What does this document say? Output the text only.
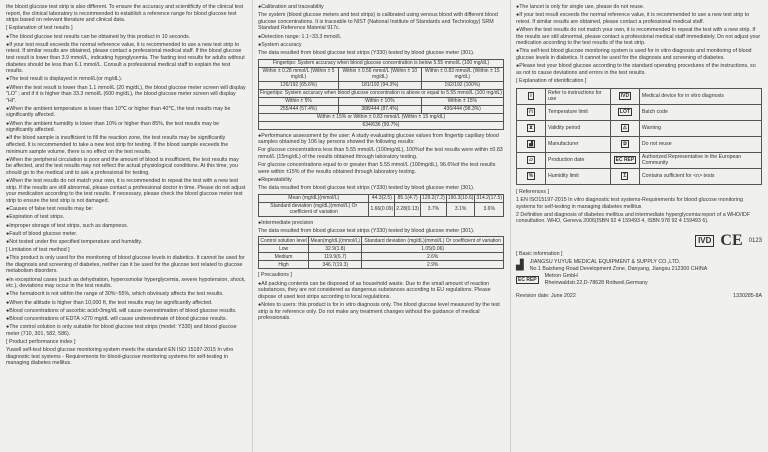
the blood glucose test strip is also different. To ensure the accuracy and scientificity of the clinical test report, the clinical laboratory is recommended to establish a reference range for blood glucose test strips based on relevant literature and clinical data.

[ Explanation of test results ]

●The blood glucose test results can be obtained by this product in 10 seconds.

●If your test result exceeds the normal reference value, it is recommended to use a new test strip to retest. If similar results are obtained, please contact a professional medical staff. If the blood glucose test result is lower than 3.9 mmol/L, indicating hypoglycemia. The fasting test results for adults without diabetes should be less than 6.1 mmol/L. Consult a professional medical staff to explain the test results.

●The test result is displayed in mmol/L(or mg/dL).

●When the test result is lower than 1.1 mmol/L (20 mg/dL), the blood glucose meter screen will display "LO" ; and if it is higher than 33.3 mmol/L (600 mg/dL), the blood glucose meter screen will display "HI".

●When the ambient temperature is lower than 10℃ or higher than 40℃, the test results may be significantly affected.

●When the ambient humidity is lower than 10% or higher than 85%, the test results may be significantly affected.

●If the blood sample is insufficient to fill the reaction zone, the test results may be significantly affected. It is recommended to take a new test strip for testing. If the blood sample exceeds the minimum sample volume, there is no effect on the test results.

●When the peripheral circulation is poor and the amount of blood is insufficient, the test results may be affected, and the test results may not reflect the actual physiological conditions. At this time, you should go to the medical unit to ask a professional for testing.

●When the test results do not match your own, it is recommended to repeat the test with a new test strip. If the results are still abnormal, please contact a professional doctor in time. Please do not adjust your medication according to the test results. If necessary, please check the blood glucose meter test strip to ensure the test strip is not damaged.

●Causes of false test results may be:

●Expiration of test strips.

●Improper storage of test strips, such as dampness.

●Fault of blood glucose meter.

●Not tested under the specified temperature and humidity.

[ Limitation of test method ]

●This product is only used for the monitoring of blood glucose levels in diabetics. It cannot be used for the diagnosis and screening of diabetes, neither can it be used for the glucose test related to glucose metabolism disorders.

●In exceptional cases (such as dehydration, hyperosmolar hyperglycemia, severe hypotension, shock, etc.), deviations may occur in the test results.

●The hematocrit is not within the range of 30%~55%, which obviously affects the test results.

●When the altitude is higher than 10,000 ft, the test results may be significantly affected.

●Blood concentrations of ascorbic acid>3mg/dL will cause overestimation of blood glucose results.

●Blood concentrations of EDTA >270 mg/dL will cause underestimate of blood glucose results.

●The control solution is only suitable for blood glucose test strips (model: Y330) and blood glucose meter (710, 301, 582, 586).

[ Product performance index ]

Yuwell self-test blood glucose monitoring system meets the standard EN ISO 15197-2015 In vitro diagnostic test systems - Requirements for blood-glucose monitoring systems for self-testing in managing diabetes mellitus.

●Calibration and traceability

The system (blood glucose meters and test strips) is calibrated using venous blood with different blood glucose concentrations. It is traceable to NIST (National Institute of Standards and Technology) SRM Standard Reference Material 917c.

●Detection range: 1.1~33.3 mmol/L

●System accuracy

The data resulted from blood glucose test strips (Y330) tested by blood glucose meter (301).

Fingertips: System accuracy when blood glucose concentration is below 5.55 mmol/L (100 mg/dL)		
Within ± 0.28 mmol/L (Within ± 5 mg/dL)	Within ± 0.56 mmol/L (Within ± 10 mg/dL)	Within ± 0.83 mmol/L (Within ± 15 mg/dL)
126/192 (65.6%)	181/192 (94.3%)	192/192 (100%)
Fingertips: System accuracy when blood glucose concentration is above or equal to 5.55 mmol/L (100 mg/dL)		
Within ± 5%	Within ± 10%	Within ± 15%
255/444 (57.4%)	388/444 (87.4%)	436/444 (98.3%)
Within ± 15% or Within ± 0.83 mmol/L (Within ± 15 mg/dL)		
634/636 (99.7%)		

●Performance assessment by the user: A study evaluating glucose values from fingertip capillary blood samples obtained by 106 lay persons showed the following results:

For glucose concentrations less than 5.55 mmol/L (100mg/dL), 100%of the test results were within ±0.83 mmol/L (15mg/dL) of the results obtained through laboratory testing.

For glucose concentrations equal to or greater than 5.55 mmol/L (100mg/dL), 96.6%of the test results were within ±15% of the results obtained through laboratory testing.

●Repeatability

The data resulted from blood glucose test strips (Y330) tested by blood glucose meter (301).

Mean (mg/dL)(mmol/L)	44.3(2.5)	85.1(4.7)	129.2(7.2)	190.3(10.6)	314.2(17.5)
Standard deviation (mg/dL)(mmol/L) Or coefficient of variation	1.66(0.09)	2.28(0.13)	3.7%	3.1%	3.6%

●Intermediate precision

The data resulted from blood glucose test strips (Y330) tested by blood glucose meter (301).

Control solution level	Mean(mg/dL)(mmol/L)	Standard deviation (mg/dL)(mmol/L) Or coefficient of variation
Low	32.9(1.8)	1.05(0.06)
Medium	119.9(6.7)	2.6%
High	346.7(19.3)	2.9%

[ Precautions ]

●All packing contents can be disposed of as household waste. Due to the small amount of reaction substances, they are not considered as dangerous substances according to EU regulations. Please dispose of used test strips according to local regulations.

●Notes to users: this product is for in vitro diagnosis only. The blood glucose level measured by the test strip is for reference only. Do not make any treatment changes without the guidance of medical professionals.

●The lancet is only for single use, please do not reuse.

●If your test result exceeds the normal reference value, it is recommended to use a new test strip to retest. If similar results are obtained, please contact a professional medical staff.

●When the test results do not match your own, it is recommended to repeat the test with a new strip. If the results are still abnormal, please contact a professional medical staff immediately. Do not adjust your medication according to the test results of the test strip.

●This self-test blood glucose monitoring system is used for in vitro diagnosis and monitoring of blood glucose levels in diabetics. It cannot be used for the diagnosis and screening of diabetes.

●Please test your blood glucose according to the standard operating procedures of the instructions, so as not to cause deviations and errors in the test results.

[ Explanation of identification ]

i	Refer to instructions for use	IVD	Medical device for in vitro diagnosis
⊓	Temperature limit	LOT	Batch code
⧗	Validity period	⚠	Warning
▟	Manufacturer	②	Do not reuse
▱	Production date	EC REP	Authorized Representative in the European Community
%	Humidity limit	Σ	Contains sufficient for <n> tests

[ References ]

1 EN ISO15197-2015 In vitro diagnostic test systems-Requirements for blood glucose monitoring systems for self-testing in managing diabetes mellitus

2 Definition and diagnosis of diabetes mellitus and intermediate hyperglycemia:report of a WHO/IDF consultation. WHO, Geneva 2006(ISBN 92 4 159493 4, ISBN 978 92 4 159493 6).

IVD CE 0123

[ Basic information ]

▟ JIANGSU YUYUE MEDICAL EQUIPMENT & SUPPLY CO.,LTD.
No.1 Baisheng Road Development Zone, Danyang, Jiangsu 212300 CHINA
EC REP
Metron GmbH
Rheinwaldstr.22,D-78628 Rottweil,Germany
Revision date: June 2022	1330285-8A
